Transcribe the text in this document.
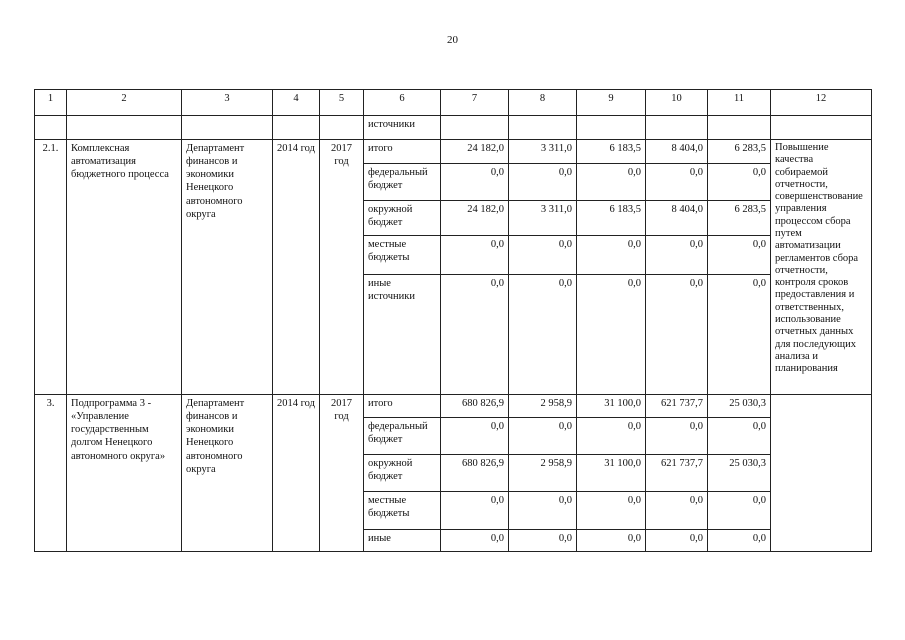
20
1	2	3	4	5	6	7	8	9	10	11	12
					источники						
2.1.	Комплексная автоматизация бюджетного процесса	Департамент финансов и экономики Ненецкого автономного округа	2014 год	2017 год	итого	24 182,0	3 311,0	6 183,5	8 404,0	6 283,5	Повышение качества собираемой отчетности, совершенствование управления процессом сбора путем автоматизации регламентов сбора отчетности, контроля сроков предоставления и ответственных, использование отчетных данных для последующих анализа и планирования
					федеральный бюджет	0,0	0,0	0,0	0,0	0,0	
					окружной бюджет	24 182,0	3 311,0	6 183,5	8 404,0	6 283,5	
					местные бюджеты	0,0	0,0	0,0	0,0	0,0	
					иные источники	0,0	0,0	0,0	0,0	0,0	
3.	Подпрограмма 3 - «Управление государственным долгом Ненецкого автономного округа»	Департамент финансов и экономики Ненецкого автономного округа	2014 год	2017 год	итого	680 826,9	2 958,9	31 100,0	621 737,7	25 030,3	
					федеральный бюджет	0,0	0,0	0,0	0,0	0,0	
					окружной бюджет	680 826,9	2 958,9	31 100,0	621 737,7	25 030,3	
					местные бюджеты	0,0	0,0	0,0	0,0	0,0	
					иные	0,0	0,0	0,0	0,0	0,0	
